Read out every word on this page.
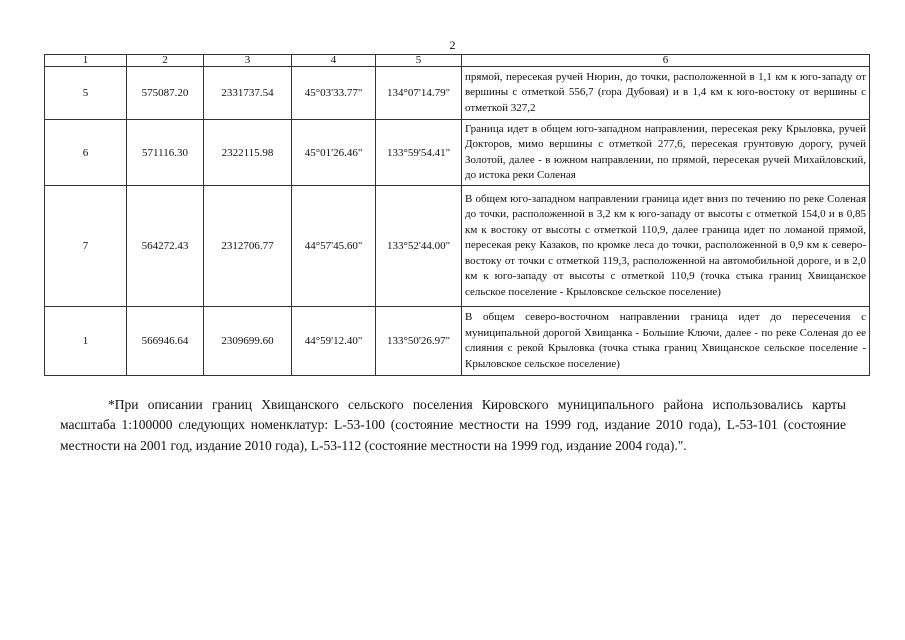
2
1	2	3	4	5	6
5	575087.20	2331737.54	45°03'33.77"	134°07'14.79"	прямой, пересекая ручей Нюрин, до точки, расположенной в 1,1 км к юго-западу от вершины с отметкой 556,7 (гора Дубовая) и в 1,4 км к юго-востоку от вершины с отметкой 327,2
6	571116.30	2322115.98	45°01'26.46"	133°59'54.41"	Граница идет в общем юго-западном направлении, пересекая реку Крыловка, ручей Докторов, мимо вершины с отметкой 277,6, пересекая грунтовую дорогу, ручей Золотой, далее - в южном направлении, по прямой, пересекая ручей Михайловский, до истока реки Соленая
7	564272.43	2312706.77	44°57'45.60"	133°52'44.00"	В общем юго-западном направлении граница идет вниз по течению по реке Соленая до точки, расположенной в 3,2 км к юго-западу от высоты с отметкой 154,0 и в 0,85 км к востоку от высоты с отметкой 110,9, далее граница идет по ломаной прямой, пересекая реку Казаков, по кромке леса до точки, расположенной в 0,9 км к северо-востоку от точки с отметкой 119,3, расположенной на автомобильной дороге, и в 2,0 км к юго-западу от высоты с отметкой 110,9 (точка стыка границ Хвищанское сельское поселение - Крыловское сельское поселение)
1	566946.64	2309699.60	44°59'12.40"	133°50'26.97"	В общем северо-восточном направлении граница идет до пересечения с муниципальной дорогой Хвищанка - Большие Ключи, далее - по реке Соленая до ее слияния с рекой Крыловка (точка стыка границ Хвищанское сельское поселение - Крыловское сельское поселение)

*При описании границ Хвищанского сельского поселения Кировского муниципального района использовались карты масштаба 1:100000 следующих номенклатур: L-53-100 (состояние местности на 1999 год, издание 2010 года), L-53-101 (состояние местности на 2001 год, издание 2010 года), L-53-112 (состояние местности на 1999 год, издание 2004 года).".
